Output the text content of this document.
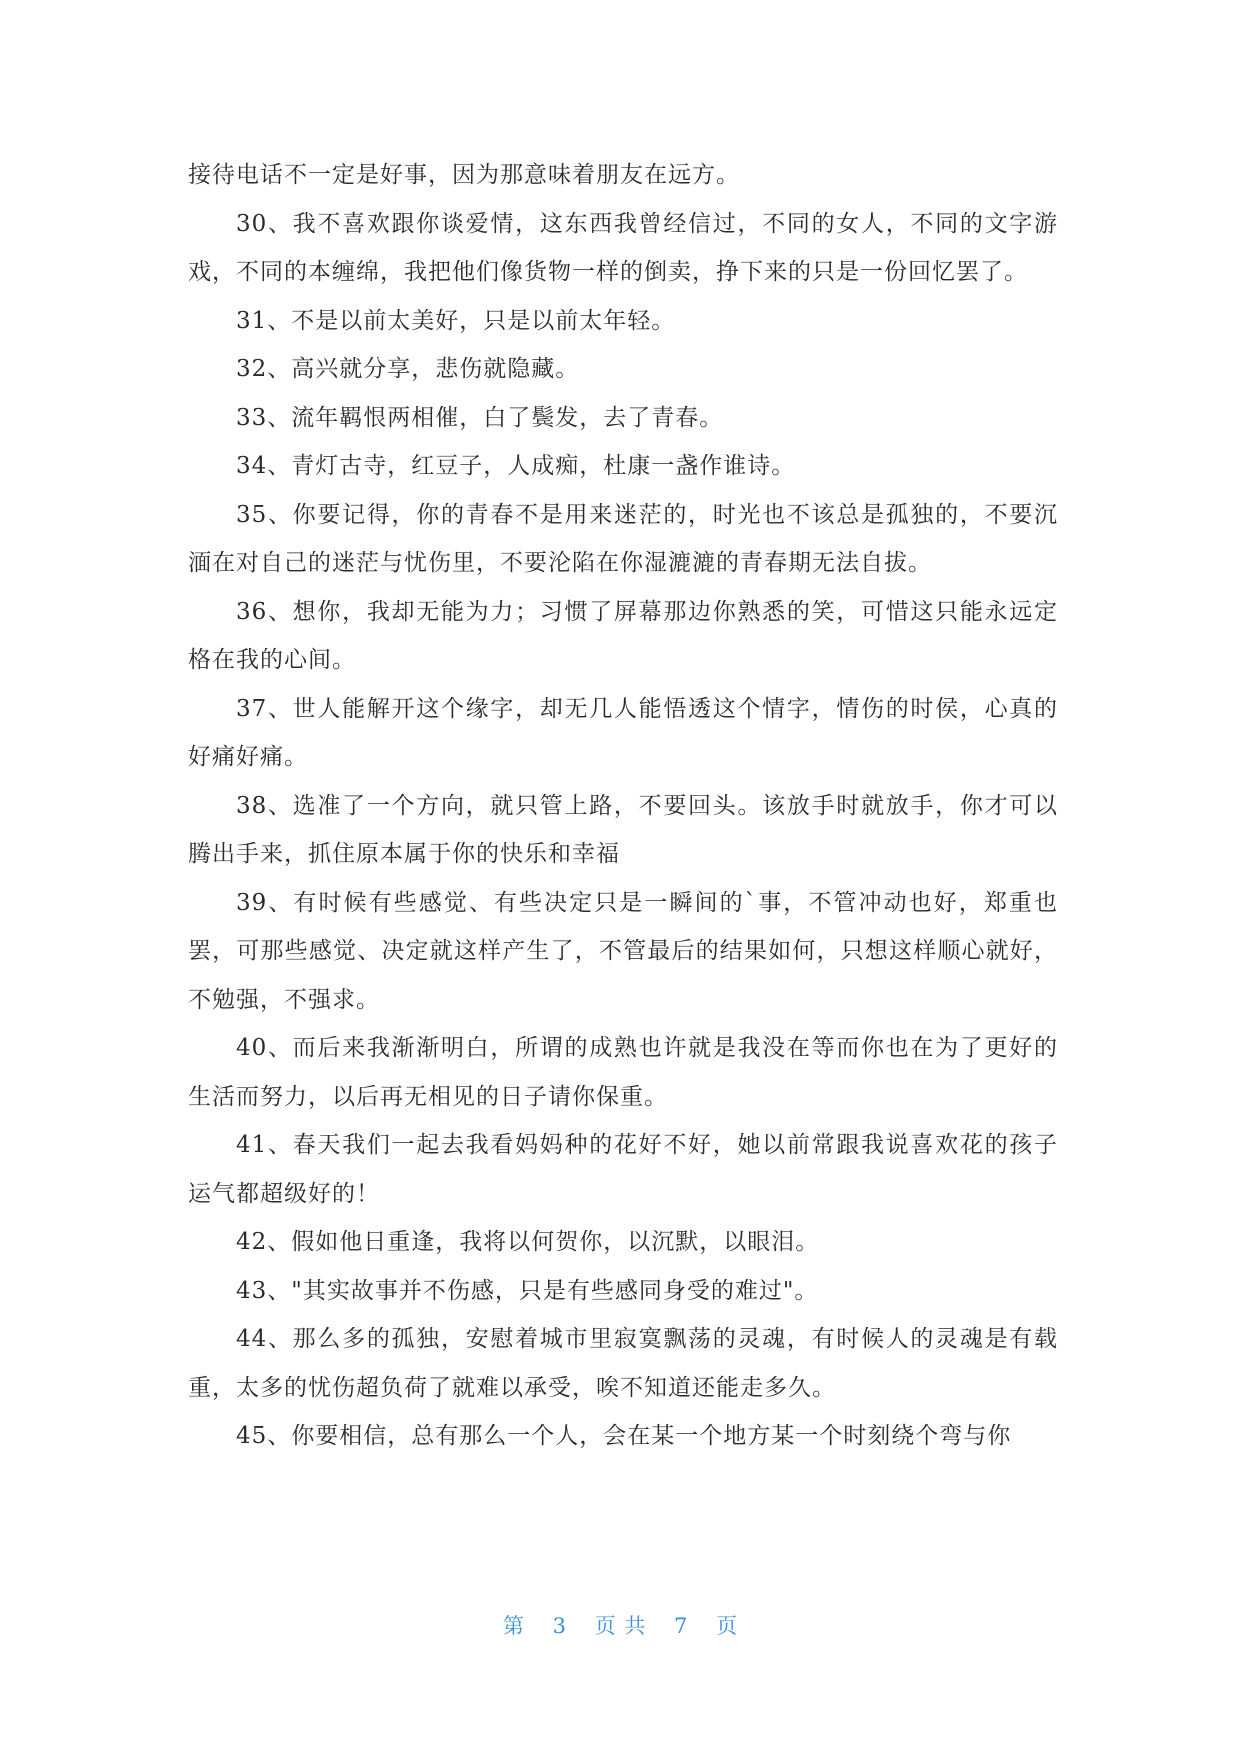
接待电话不一定是好事，因为那意味着朋友在远方。

30、我不喜欢跟你谈爱情，这东西我曾经信过，不同的女人，不同的文字游戏，不同的本缠绵，我把他们像货物一样的倒卖，挣下来的只是一份回忆罢了。

31、不是以前太美好，只是以前太年轻。

32、高兴就分享，悲伤就隐藏。

33、流年羁恨两相催，白了鬓发，去了青春。

34、青灯古寺，红豆子，人成痴，杜康一盏作谁诗。

35、你要记得，你的青春不是用来迷茫的，时光也不该总是孤独的，不要沉湎在对自己的迷茫与忧伤里，不要沦陷在你湿漉漉的青春期无法自拔。

36、想你，我却无能为力；习惯了屏幕那边你熟悉的笑，可惜这只能永远定格在我的心间。

37、世人能解开这个缘字，却无几人能悟透这个情字，情伤的时侯，心真的好痛好痛。

38、选准了一个方向，就只管上路，不要回头。该放手时就放手，你才可以腾出手来，抓住原本属于你的快乐和幸福

39、有时候有些感觉、有些决定只是一瞬间的`事，不管冲动也好，郑重也罢，可那些感觉、决定就这样产生了，不管最后的结果如何，只想这样顺心就好，不勉强，不强求。

40、而后来我渐渐明白，所谓的成熟也许就是我没在等而你也在为了更好的生活而努力，以后再无相见的日子请你保重。

41、春天我们一起去我看妈妈种的花好不好，她以前常跟我说喜欢花的孩子运气都超级好的！

42、假如他日重逢，我将以何贺你，以沉默，以眼泪。

43、"其实故事并不伤感，只是有些感同身受的难过"。

44、那么多的孤独，安慰着城市里寂寞飘荡的灵魂，有时候人的灵魂是有载重，太多的忧伤超负荷了就难以承受，唉不知道还能走多久。

45、你要相信，总有那么一个人，会在某一个地方某一个时刻绕个弯与你

第 3 页 共 7 页
